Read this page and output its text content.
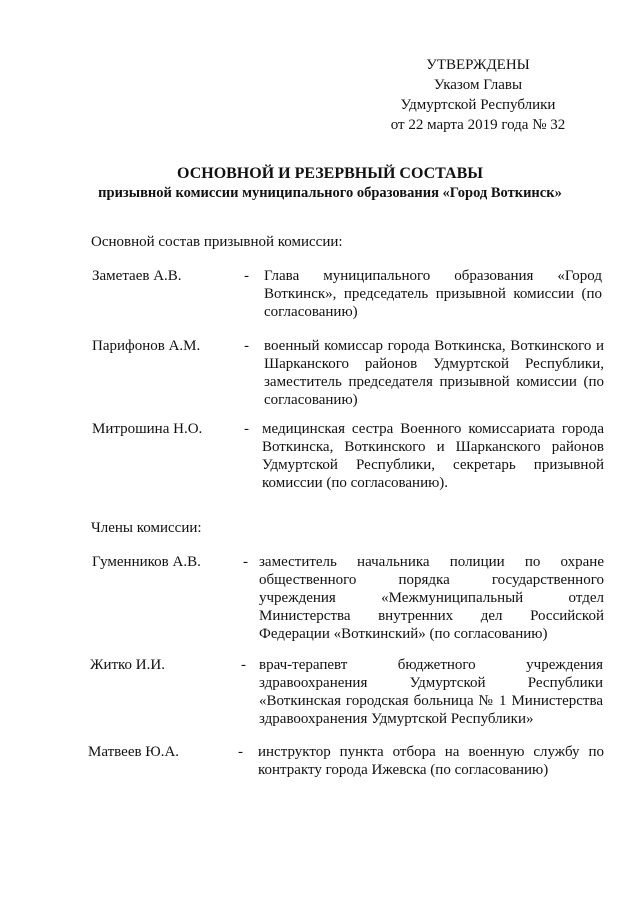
УТВЕРЖДЕНЫ
Указом Главы
Удмуртской Республики
от 22 марта 2019 года № 32
ОСНОВНОЙ И РЕЗЕРВНЫЙ СОСТАВЫ
призывной комиссии муниципального образования «Город Воткинск»
Основной состав призывной комиссии:
Заметаев А.В.	- Глава муниципального образования «Город Воткинск», председатель призывной комиссии (по согласованию)
Парифонов А.М.	- военный комиссар города Воткинска, Воткинского и Шарканского районов Удмуртской Республики, заместитель председателя призывной комиссии (по согласованию)
Митрошина Н.О.	- медицинская сестра Военного комиссариата города Воткинска, Воткинского и Шарканского районов Удмуртской Республики, секретарь призывной комиссии (по согласованию).
Члены комиссии:
Гуменников А.В.	- заместитель начальника полиции по охране общественного порядка государственного учреждения «Межмуниципальный отдел Министерства внутренних дел Российской Федерации «Воткинский» (по согласованию)
Житко И.И.	- врач-терапевт бюджетного учреждения здравоохранения Удмуртской Республики «Воткинская городская больница № 1 Министерства здравоохранения Удмуртской Республики»
Матвеев Ю.А.	- инструктор пункта отбора на военную службу по контракту города Ижевска (по согласованию)
